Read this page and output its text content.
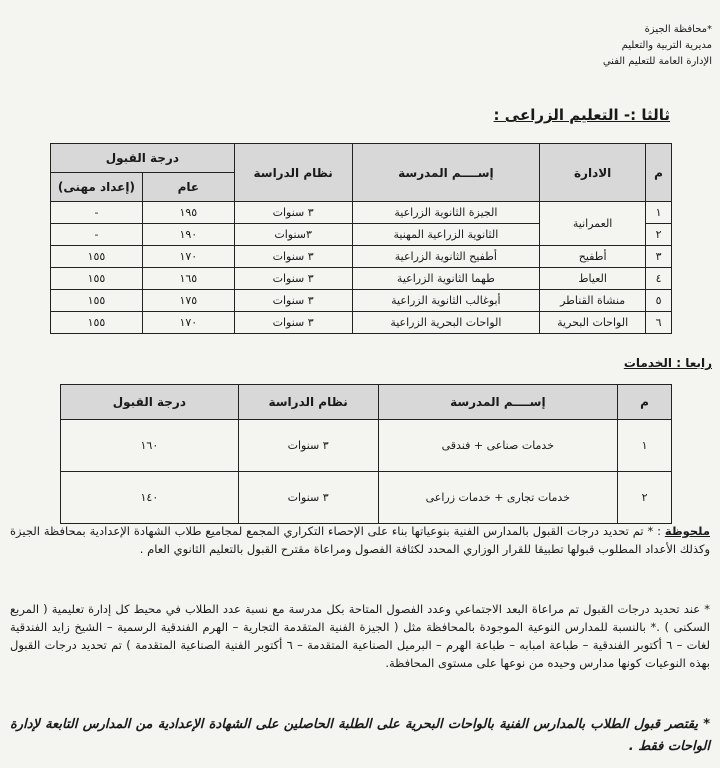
*محافظة الجيزة
مديرية التربية والتعليم
الإدارة العامة للتعليم الفني
ثالثا :- التعليم الزراعى :
م	الادارة	إســــم المدرسة	نظام الدراسة	درجة القبول	
				عام	(إعداد مهنى)
١	العمرانية	الجيزة الثانوية الزراعية	٣ سنوات	١٩٥	-
٢		الثانوية الزراعية المهنية	٣سنوات	١٩٠	-
٣	أطفيح	أطفيح الثانوية الزراعية	٣ سنوات	١٧٠	١٥٥
٤	العياط	طهما الثانوية الزراعية	٣ سنوات	١٦٥	١٥٥
٥	منشاة القناطر	أبوغالب الثانوية الزراعية	٣ سنوات	١٧٥	١٥٥
٦	الواحات البحرية	الواحات البحرية الزراعية	٣ سنوات	١٧٠	١٥٥
رابعا : الخدمات
م	إســــم المدرسة	نظام الدراسة	درجة القبول
١	خدمات صناعى + فندقى	٣ سنوات	١٦٠
٢	خدمات تجارى + خدمات زراعى	٣ سنوات	١٤٠
ملحوظة : * تم تحديد درجات القبول بالمدارس الفنية بنوعياتها بناء على الإحصاء التكراري المجمع لمجاميع طلاب الشهادة الإعدادية بمحافظة الجيزة وكذلك الأعداد المطلوب قبولها تطبيقا للقرار الوزاري المحدد لكثافة الفصول ومراعاة مقترح القبول بالتعليم الثانوي العام .
* عند تحديد درجات القبول تم مراعاة البعد الاجتماعي وعدد الفصول المتاحة بكل مدرسة مع نسبة عدد الطلاب في محيط كل إدارة تعليمية ( المربع السكنى ) .* بالنسبة للمدارس النوعية الموجودة بالمحافظة مثل ( الجيزة الفنية المتقدمة التجارية – الهرم الفندقية الرسمية – الشيخ زايد الفندقية لغات – ٦ أكتوبر الفندقية – طباعة امبابه – طباعة الهرم – البرميل الصناعية المتقدمة – ٦ أكتوبر الفنية الصناعية المتقدمة ) تم تحديد درجات القبول بهذه النوعيات كونها مدارس وحيده من نوعها على مستوى المحافظة.
* يقتصر قبول الطلاب بالمدارس الفنية بالواحات البحرية على الطلبة الحاصلين على الشهادة الإعدادية من المدارس التابعة لإدارة الواحات فقط .
